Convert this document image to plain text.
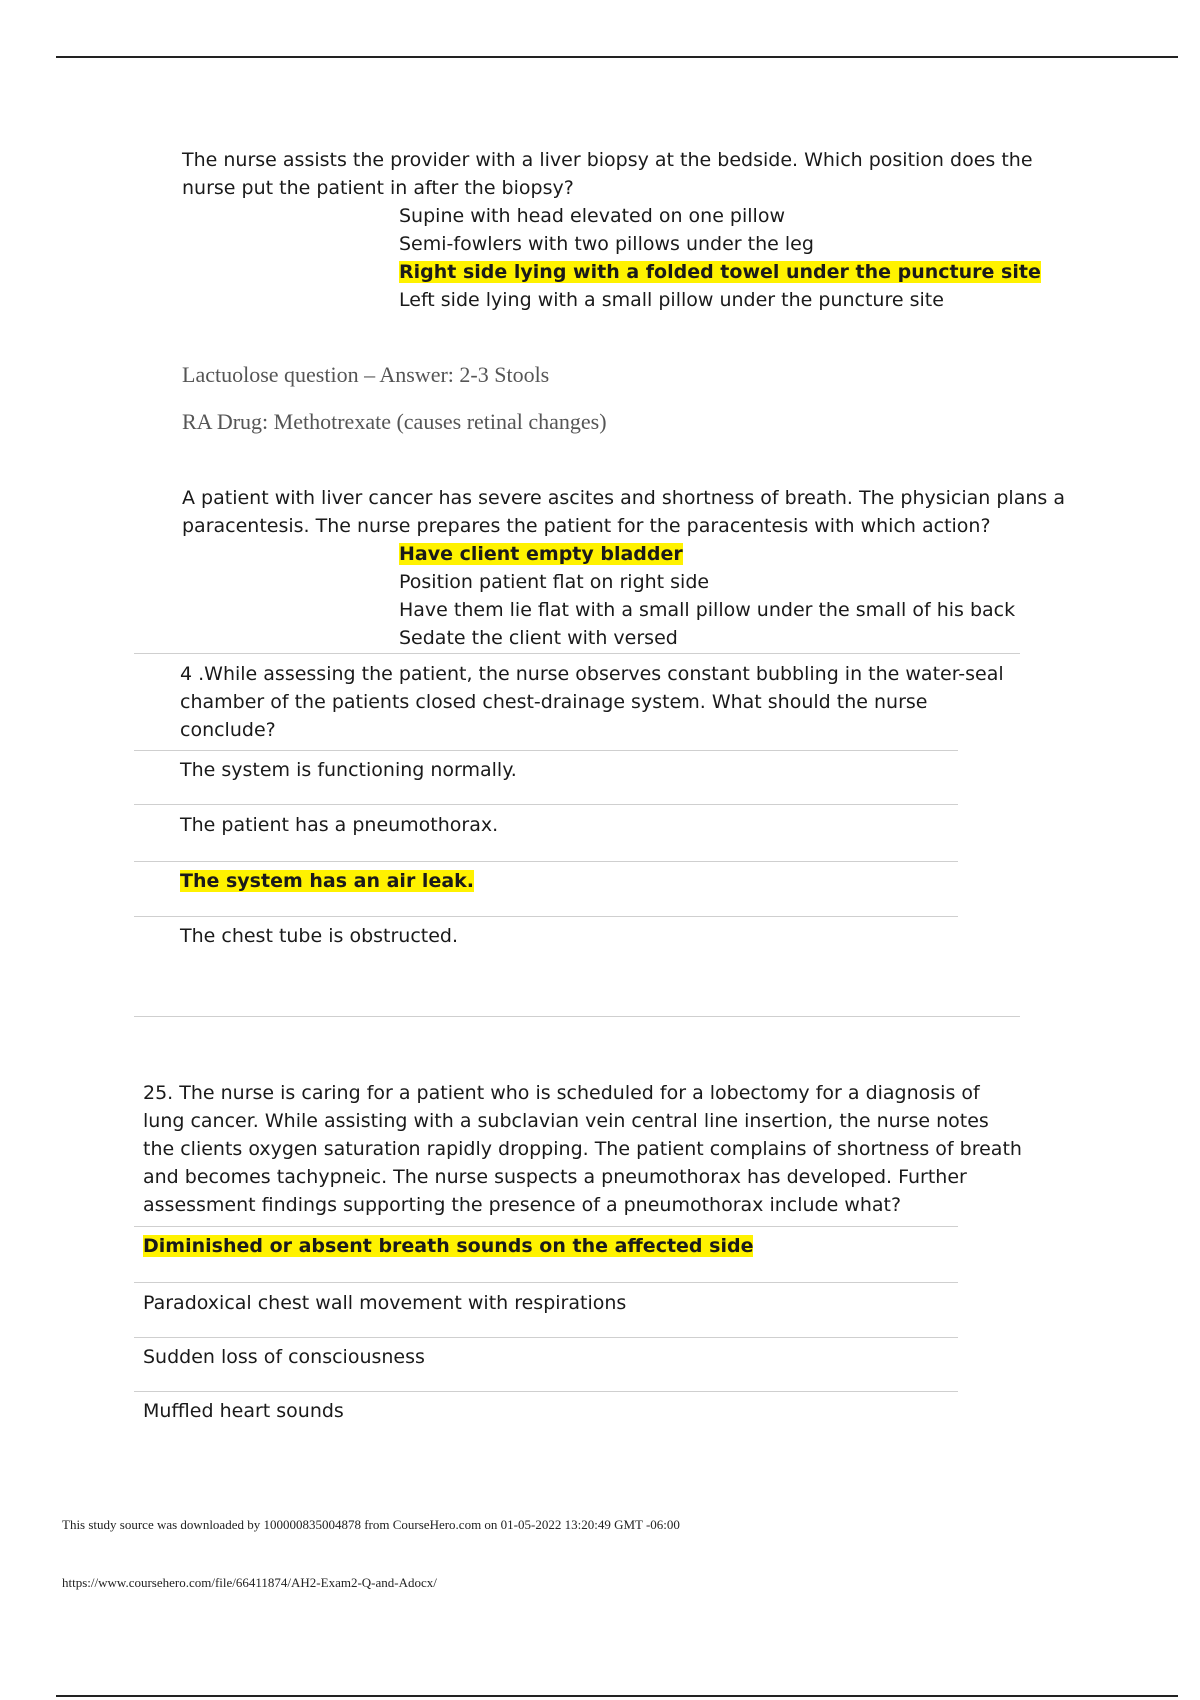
The nurse assists the provider with a liver biopsy at the bedside. Which position does the nurse put the patient in after the biopsy?
Supine with head elevated on one pillow
Semi-fowlers with two pillows under the leg
Right side lying with a folded towel under the puncture site
Left side lying with a small pillow under the puncture site
Lactuolose question – Answer: 2-3 Stools
RA Drug: Methotrexate (causes retinal changes)
A patient with liver cancer has severe ascites and shortness of breath. The physician plans a paracentesis. The nurse prepares the patient for the paracentesis with which action?
Have client empty bladder
Position patient flat on right side
Have them lie flat with a small pillow under the small of his back
Sedate the client with versed
4 .While assessing the patient, the nurse observes constant bubbling in the water-seal chamber of the patients closed chest-drainage system. What should the nurse conclude?
The system is functioning normally.
The patient has a pneumothorax.
The system has an air leak.
The chest tube is obstructed.
25. The nurse is caring for a patient who is scheduled for a lobectomy for a diagnosis of lung cancer. While assisting with a subclavian vein central line insertion, the nurse notes the clients oxygen saturation rapidly dropping. The patient complains of shortness of breath and becomes tachypneic. The nurse suspects a pneumothorax has developed. Further assessment findings supporting the presence of a pneumothorax include what?
Diminished or absent breath sounds on the affected side
Paradoxical chest wall movement with respirations
Sudden loss of consciousness
Muffled heart sounds
This study source was downloaded by 100000835004878 from CourseHero.com on 01-05-2022 13:20:49 GMT -06:00
https://www.coursehero.com/file/66411874/AH2-Exam2-Q-and-Adocx/
